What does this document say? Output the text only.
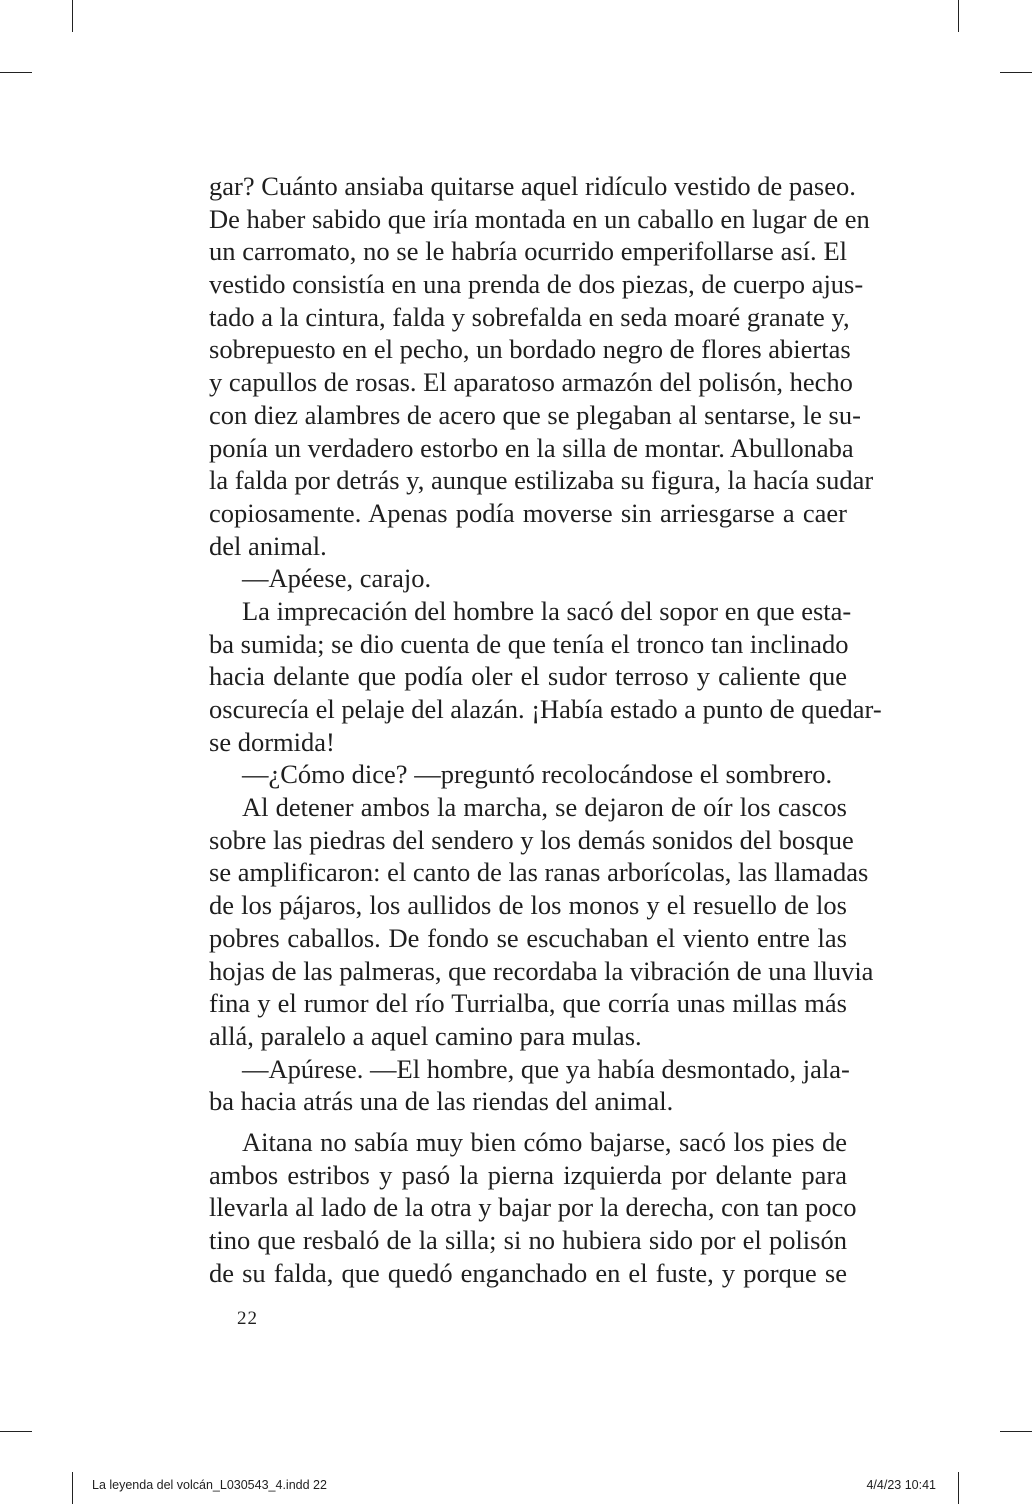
gar? Cuánto ansiaba quitarse aquel ridículo vestido de paseo.
De haber sabido que iría montada en un caballo en lugar de en
un carromato, no se le habría ocurrido emperifollarse así. El
vestido consistía en una prenda de dos piezas, de cuerpo ajus-
tado a la cintura, falda y sobrefalda en seda moaré granate y,
sobrepuesto en el pecho, un bordado negro de flores abiertas
y capullos de rosas. El aparatoso armazón del polisón, hecho
con diez alambres de acero que se plegaban al sentarse, le su-
ponía un verdadero estorbo en la silla de montar. Abullonaba
la falda por detrás y, aunque estilizaba su figura, la hacía sudar
copiosamente. Apenas podía moverse sin arriesgarse a caer
del animal.
—Apéese, carajo.
La imprecación del hombre la sacó del sopor en que esta-
ba sumida; se dio cuenta de que tenía el tronco tan inclinado
hacia delante que podía oler el sudor terroso y caliente que
oscurecía el pelaje del alazán. ¡Había estado a punto de quedar-
se dormida!
—¿Cómo dice? —preguntó recolocándose el sombrero.
Al detener ambos la marcha, se dejaron de oír los cascos
sobre las piedras del sendero y los demás sonidos del bosque
se amplificaron: el canto de las ranas arborícolas, las llamadas
de los pájaros, los aullidos de los monos y el resuello de los
pobres caballos. De fondo se escuchaban el viento entre las
hojas de las palmeras, que recordaba la vibración de una lluvia
fina y el rumor del río Turrialba, que corría unas millas más
allá, paralelo a aquel camino para mulas.
—Apúrese. —El hombre, que ya había desmontado, jala-
ba hacia atrás una de las riendas del animal.
Aitana no sabía muy bien cómo bajarse, sacó los pies de
ambos estribos y pasó la pierna izquierda por delante para
llevarla al lado de la otra y bajar por la derecha, con tan poco
tino que resbaló de la silla; si no hubiera sido por el polisón
de su falda, que quedó enganchado en el fuste, y porque se
22
La leyenda del volcán_L030543_4.indd 22	4/4/23 10:41
